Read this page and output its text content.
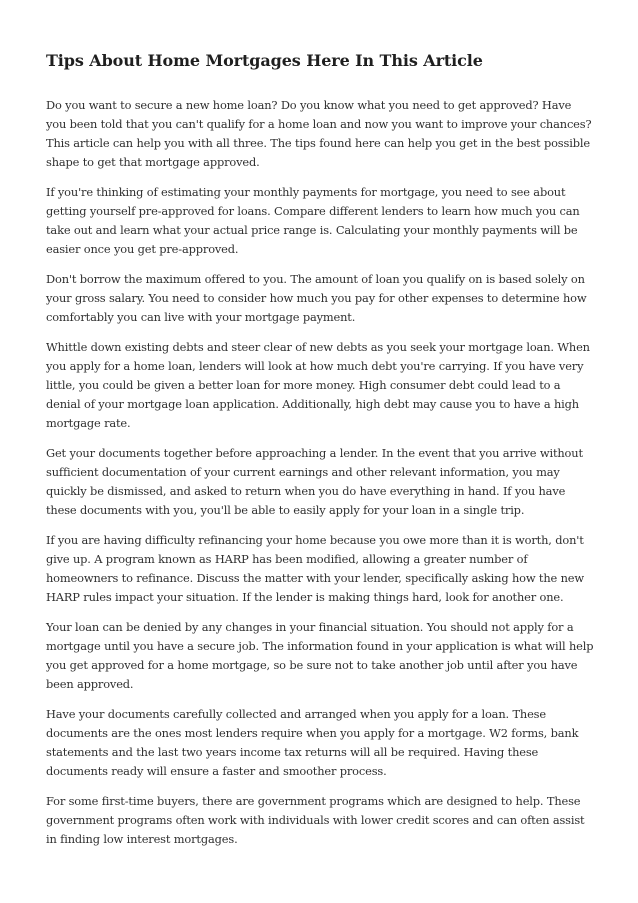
Tips About Home Mortgages Here In This Article

Do you want to secure a new home loan? Do you know what you need to get approved? Have you been told that you can't qualify for a home loan and now you want to improve your chances? This article can help you with all three. The tips found here can help you get in the best possible shape to get that mortgage approved.

If you're thinking of estimating your monthly payments for mortgage, you need to see about getting yourself pre-approved for loans. Compare different lenders to learn how much you can take out and learn what your actual price range is. Calculating your monthly payments will be easier once you get pre-approved.

Don't borrow the maximum offered to you. The amount of loan you qualify on is based solely on your gross salary. You need to consider how much you pay for other expenses to determine how comfortably you can live with your mortgage payment.

Whittle down existing debts and steer clear of new debts as you seek your mortgage loan. When you apply for a home loan, lenders will look at how much debt you're carrying. If you have very little, you could be given a better loan for more money. High consumer debt could lead to a denial of your mortgage loan application. Additionally, high debt may cause you to have a high mortgage rate.

Get your documents together before approaching a lender. In the event that you arrive without sufficient documentation of your current earnings and other relevant information, you may quickly be dismissed, and asked to return when you do have everything in hand. If you have these documents with you, you'll be able to easily apply for your loan in a single trip.

If you are having difficulty refinancing your home because you owe more than it is worth, don't give up. A program known as HARP has been modified, allowing a greater number of homeowners to refinance. Discuss the matter with your lender, specifically asking how the new HARP rules impact your situation. If the lender is making things hard, look for another one.

Your loan can be denied by any changes in your financial situation. You should not apply for a mortgage until you have a secure job. The information found in your application is what will help you get approved for a home mortgage, so be sure not to take another job until after you have been approved.

Have your documents carefully collected and arranged when you apply for a loan. These documents are the ones most lenders require when you apply for a mortgage. W2 forms, bank statements and the last two years income tax returns will all be required. Having these documents ready will ensure a faster and smoother process.

For some first-time buyers, there are government programs which are designed to help. These government programs often work with individuals with lower credit scores and can often assist in finding low interest mortgages.
